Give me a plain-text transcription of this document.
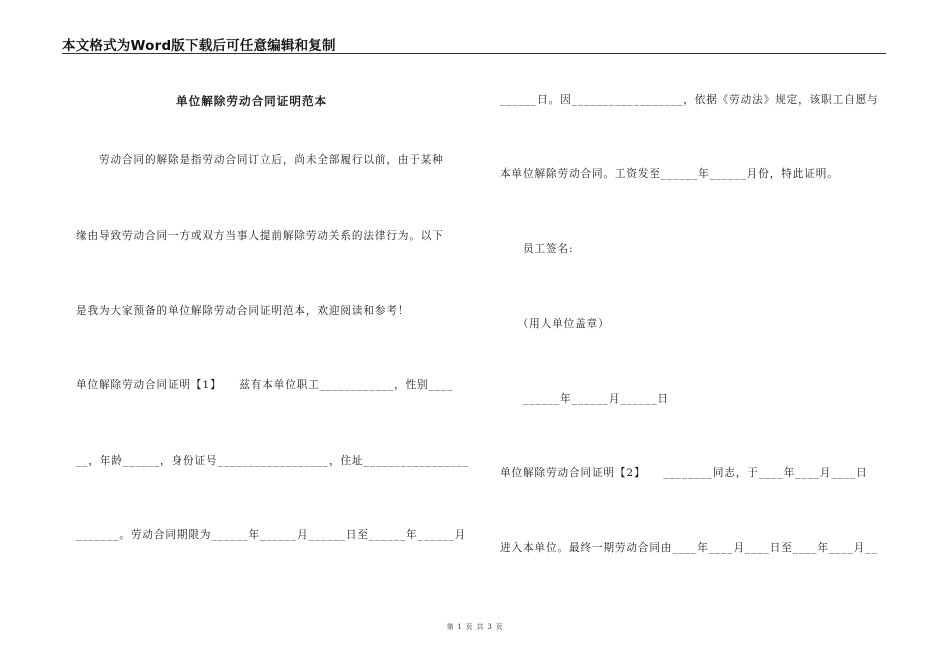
本文格式为Word版下载后可任意编辑和复制
单位解除劳动合同证明范本
　　劳动合同的解除是指劳动合同订立后，尚未全部履行以前，由于某种
缘由导致劳动合同一方或双方当事人提前解除劳动关系的法律行为。以下
是我为大家预备的单位解除劳动合同证明范本，欢迎阅读和参考！
单位解除劳动合同证明【1】　　兹有本单位职工____________，性别____
__，年龄______，身份证号__________________，住址_________________
_______。劳动合同期限为______年______月______日至______年______月
______日。因__________________，依据《劳动法》规定，该职工自愿与
本单位解除劳动合同。工资发至______年______月份，特此证明。
　　员工签名:
　　（用人单位盖章）
　　______年______月______日
单位解除劳动合同证明【2】　　________同志，于____年____月____日
进入本单位。最终一期劳动合同由____年____月____日至____年____月__
第 1 页 共 3 页
